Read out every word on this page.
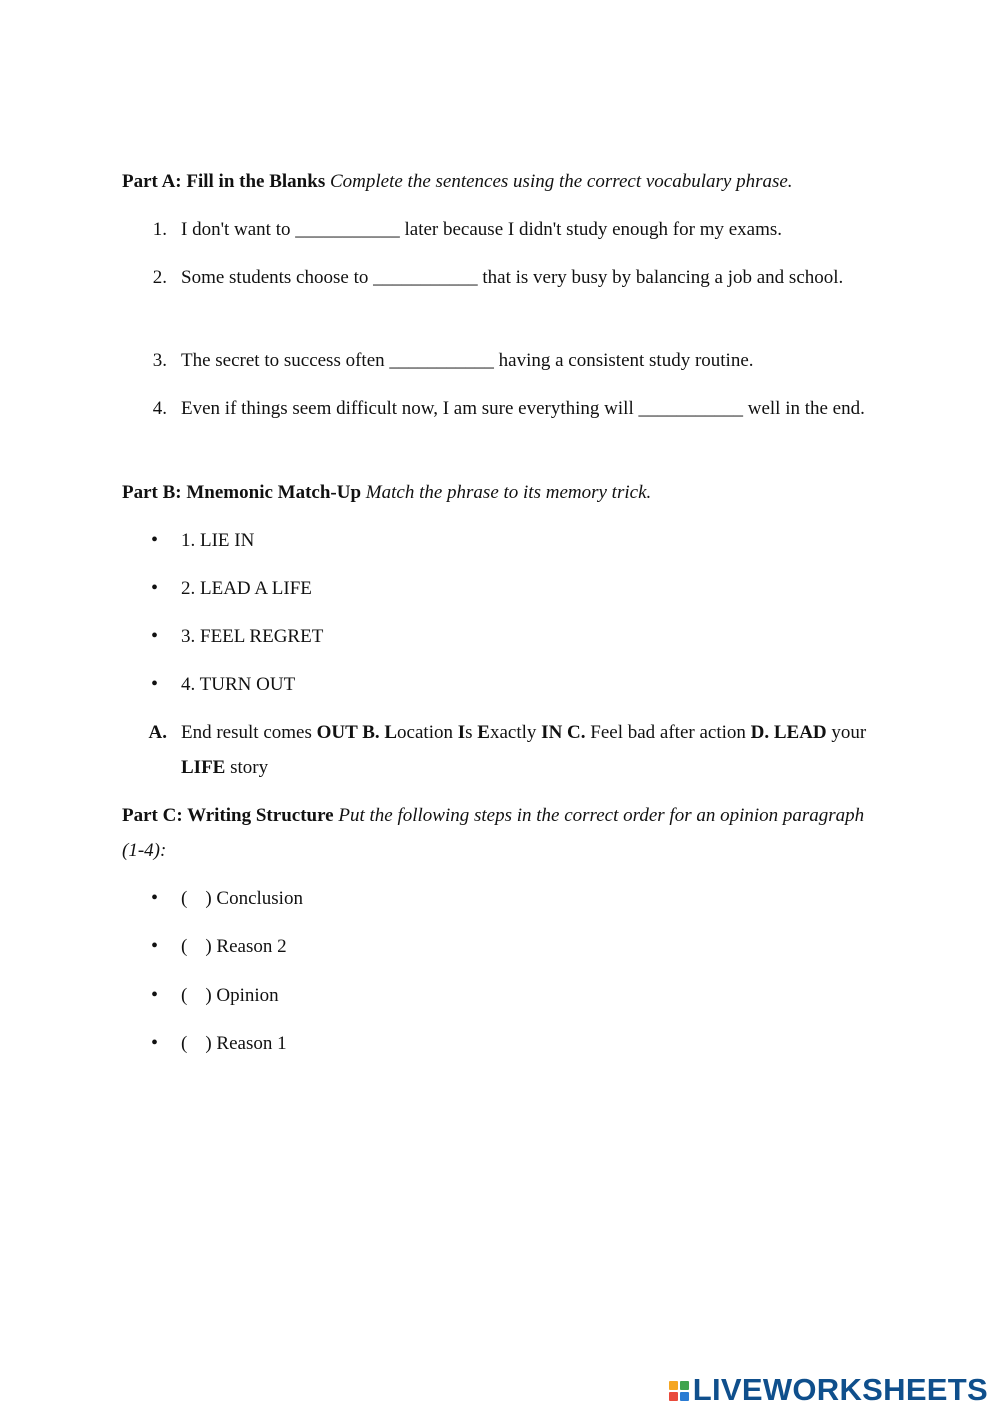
Part A: Fill in the Blanks Complete the sentences using the correct vocabulary phrase.

1. I don't want to ___________ later because I didn't study enough for my exams.
2. Some students choose to ___________ that is very busy by balancing a job and school.
3. The secret to success often ___________ having a consistent study routine.
4. Even if things seem difficult now, I am sure everything will ___________ well in the end.

Part B: Mnemonic Match-Up Match the phrase to its memory trick.

• 1. LIE IN
• 2. LEAD A LIFE
• 3. FEEL REGRET
• 4. TURN OUT
A. End result comes OUT B. Location Is Exactly IN C. Feel bad after action D. LEAD your LIFE story

Part C: Writing Structure Put the following steps in the correct order for an opinion paragraph (1-4):

• ( ) Conclusion
• ( ) Reason 2
• ( ) Opinion
• ( ) Reason 1
LIVEWORKSHEETS
